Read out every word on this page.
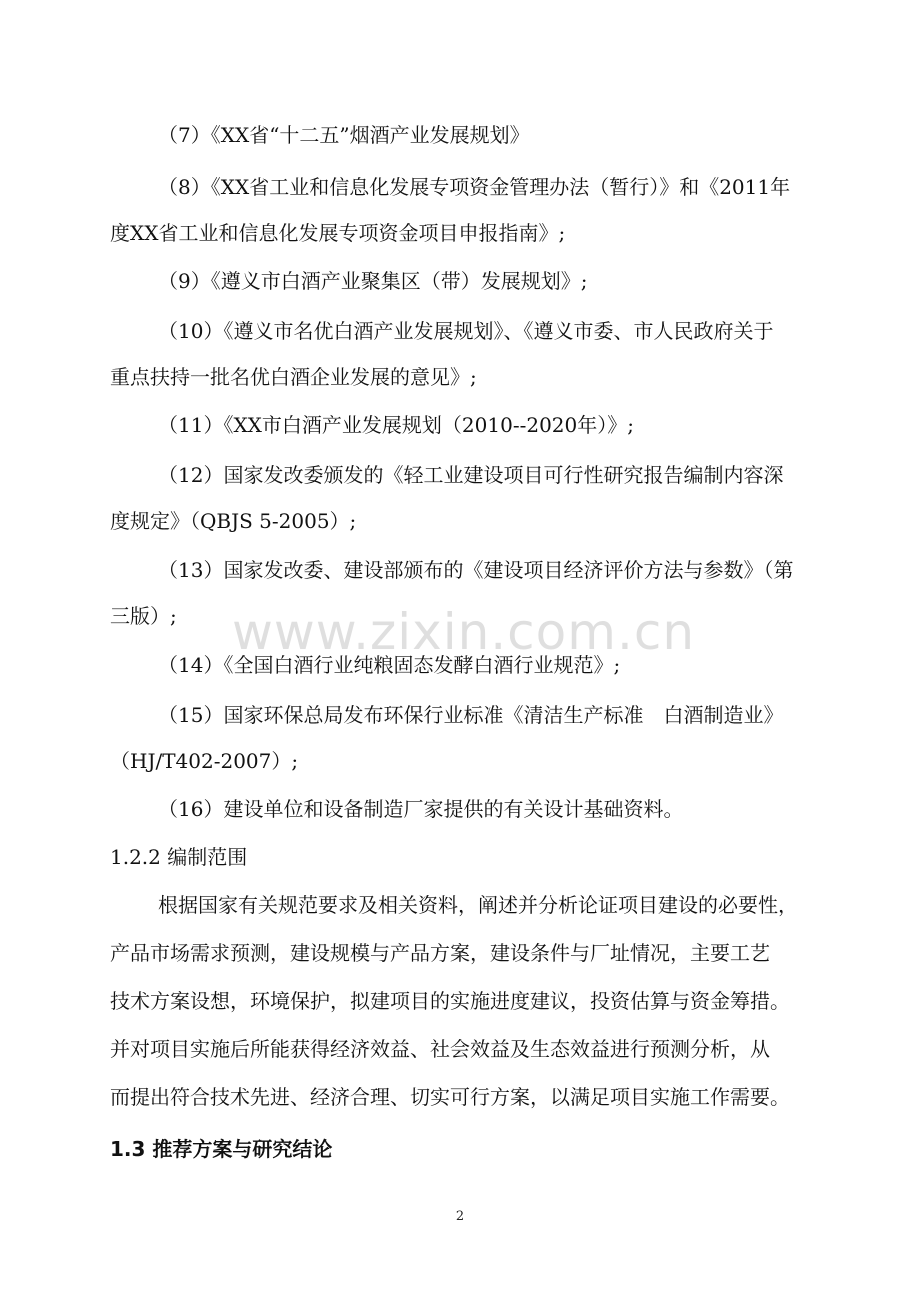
（7）《XX省“十二五”烟酒产业发展规划》
（8）《XX省工业和信息化发展专项资金管理办法（暂行）》和《2011年
度XX省工业和信息化发展专项资金项目申报指南》;
（9）《遵义市白酒产业聚集区（带）发展规划》;
（10）《遵义市名优白酒产业发展规划》、《遵义市委、市人民政府关于
重点扶持一批名优白酒企业发展的意见》;
（11）《XX市白酒产业发展规划（2010--2020年）》;
（12）国家发改委颁发的《轻工业建设项目可行性研究报告编制内容深
度规定》（QBJS 5-2005）;
（13）国家发改委、建设部颁布的《建设项目经济评价方法与参数》（第
三版）;
（14）《全国白酒行业纯粮固态发酵白酒行业规范》;
（15）国家环保总局发布环保行业标准《清洁生产标准　白酒制造业》
（HJ/T402-2007）;
（16）建设单位和设备制造厂家提供的有关设计基础资料。
1.2.2 编制范围
根据国家有关规范要求及相关资料，阐述并分析论证项目建设的必要性，
产品市场需求预测，建设规模与产品方案，建设条件与厂址情况，主要工艺
技术方案设想，环境保护，拟建项目的实施进度建议，投资估算与资金筹措。
并对项目实施后所能获得经济效益、社会效益及生态效益进行预测分析，从
而提出符合技术先进、经济合理、切实可行方案，以满足项目实施工作需要。
1.3 推荐方案与研究结论
www.zixin.com.cn
2
